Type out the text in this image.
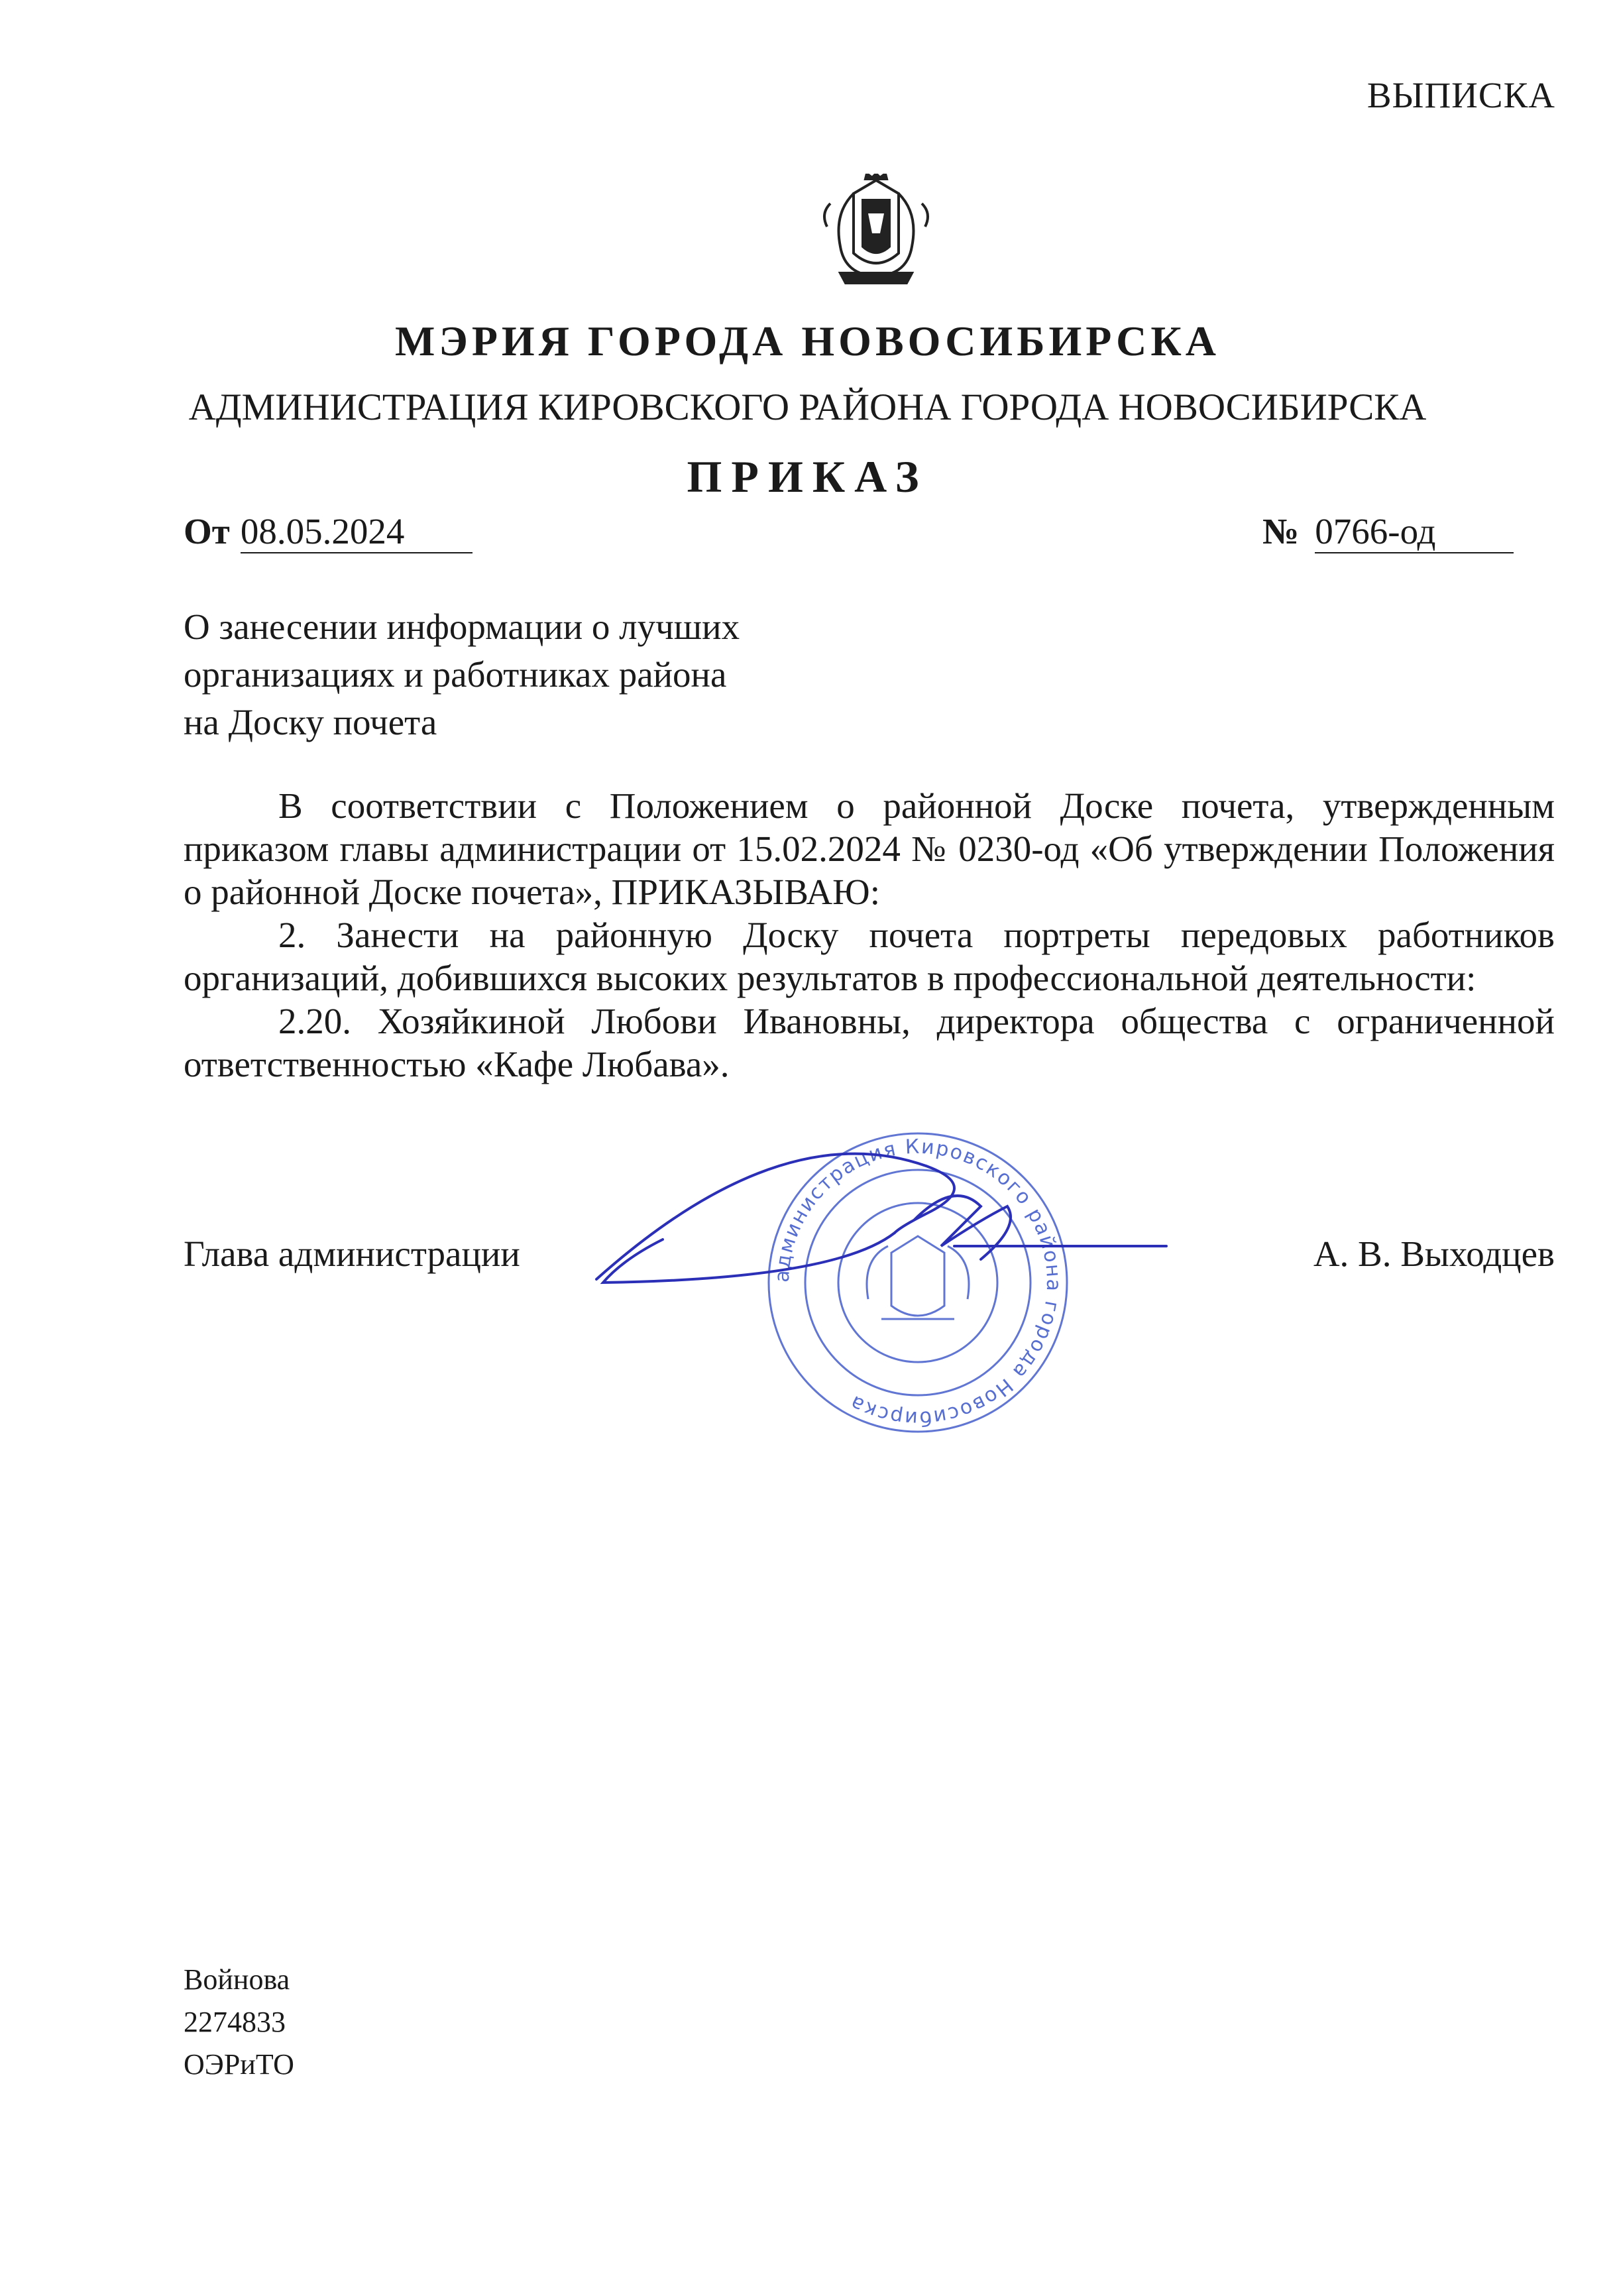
ВЫПИСКА
МЭРИЯ ГОРОДА НОВОСИБИРСКА
АДМИНИСТРАЦИЯ КИРОВСКОГО РАЙОНА ГОРОДА НОВОСИБИРСКА
ПРИКАЗ
От 08.05.2024	№ 0766-од
О занесении информации о лучших
организациях и работниках района
на Доску почета

В соответствии с Положением о районной Доске почета, утвержденным приказом главы администрации от 15.02.2024 № 0230-од «Об утверждении Положения о районной Доске почета», ПРИКАЗЫВАЮ:

2. Занести на районную Доску почета портреты передовых работников организаций, добившихся высоких результатов в профессиональной деятельности:

2.20. Хозяйкиной Любови Ивановны, директора общества с ограниченной ответственностью «Кафе Любава».

администрация Кировского района города Новосибирска
Глава администрации	А. В. Выходцев
Войнова
2274833
ОЭРиТО
